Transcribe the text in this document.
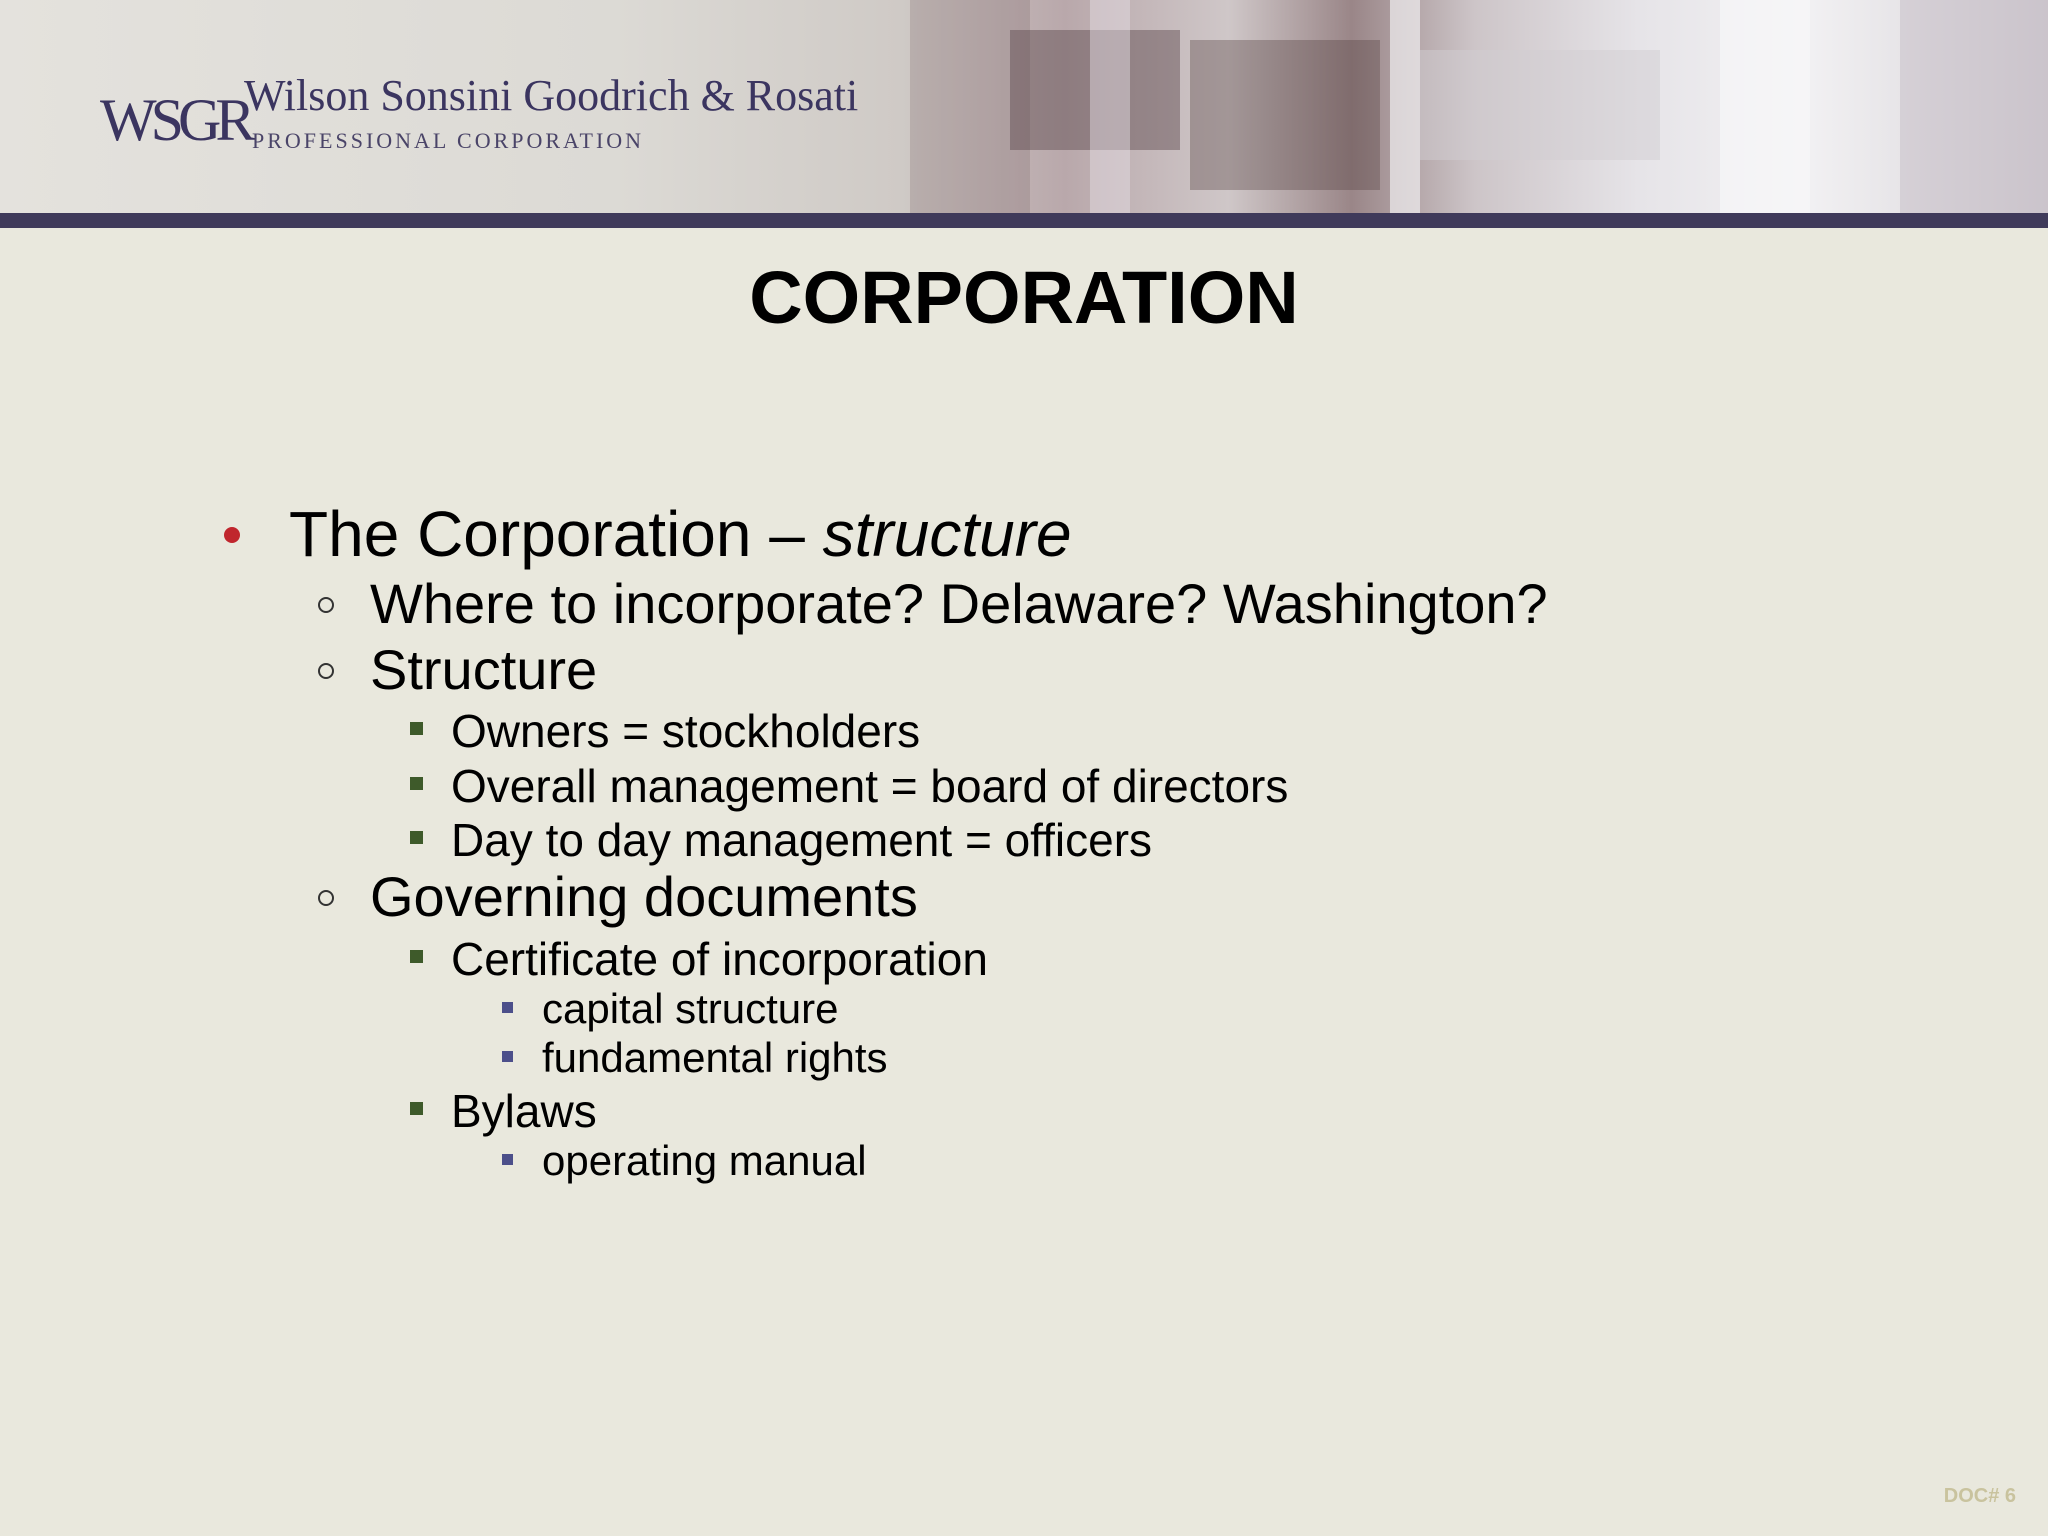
WSGR
Wilson Sonsini Goodrich & Rosati
PROFESSIONAL CORPORATION
CORPORATION
The Corporation – structure
Where to incorporate? Delaware? Washington?
Structure
Owners = stockholders
Overall management = board of directors
Day to day management = officers
Governing documents
Certificate of incorporation
capital structure
fundamental rights
Bylaws
operating manual
DOC# 6
